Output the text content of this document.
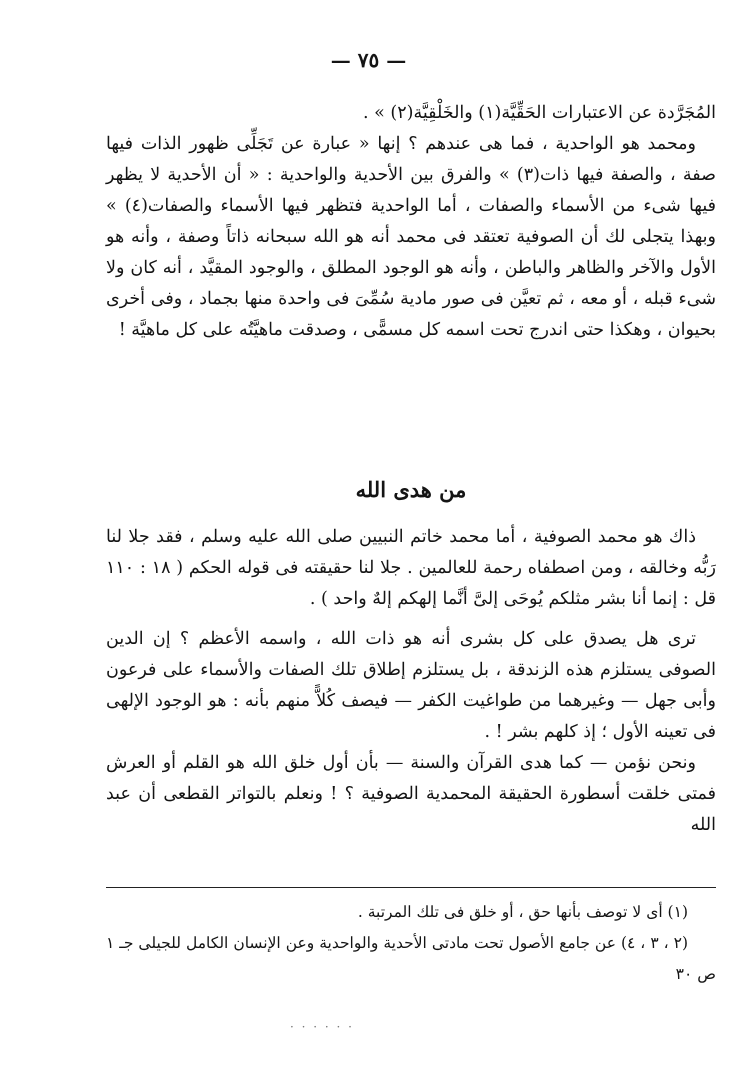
— ٧٥ —

المُجَرَّدة عن الاعتبارات الحَقِّيَّة(١) والخَلْقِيَّة(٢) » .

ومحمد هو الواحدية ، فما هى عندهم ؟ إنها « عبارة عن تَجَلِّى ظهور الذات فيها صفة ، والصفة فيها ذات(٣) » والفرق بين الأحدية والواحدية : « أن الأحدية لا يظهر فيها شىء من الأسماء والصفات ، أما الواحدية فتظهر فيها الأسماء والصفات(٤) » وبهذا يتجلى لك أن الصوفية تعتقد فى محمد أنه هو الله سبحانه ذاتاً وصفة ، وأنه هو الأول والآخر والظاهر والباطن ، وأنه هو الوجود المطلق ، والوجود المقيَّد ، أنه كان ولا شىء قبله ، أو معه ، ثم تعيَّن فى صور مادية سُمِّىَ فى واحدة منها بجماد ، وفى أخرى بحيوان ، وهكذا حتى اندرج تحت اسمه كل مسمًّى ، وصدقت ماهيَّتُه على كل ماهيَّة !

من هدى الله

ذاك هو محمد الصوفية ، أما محمد خاتم النبيين صلى الله عليه وسلم ، فقد جلا لنا رَبُّه وخالقه ، ومن اصطفاه رحمة للعالمين . جلا لنا حقيقته فى قوله الحكم ( ١٨ : ١١٠ قل : إنما أنا بشر مثلكم يُوحَى إلىَّ أنَّما إلهكم إلهٌ واحد ) .

ترى هل يصدق على كل بشرى أنه هو ذات الله ، واسمه الأعظم ؟ إن الدين الصوفى يستلزم هذه الزندقة ، بل يستلزم إطلاق تلك الصفات والأسماء على فرعون وأبى جهل — وغيرهما من طواغيت الكفر — فيصف كُلاًّ منهم بأنه : هو الوجود الإلهى فى تعينه الأول ؛ إذ كلهم بشر ! .

ونحن نؤمن — كما هدى القرآن والسنة — بأن أول خلق الله هو القلم أو العرش فمتى خلقت أسطورة الحقيقة المحمدية الصوفية ؟ ! ونعلم بالتواتر القطعى أن عبد الله

(١) أى لا توصف بأنها حق ، أو خلق فى تلك المرتبة .

(٢ ، ٣ ، ٤) عن جامع الأصول تحت مادتى الأحدية والواحدية وعن الإنسان الكامل للجيلى جـ ١ ص ٣٠

· · · · · ·
